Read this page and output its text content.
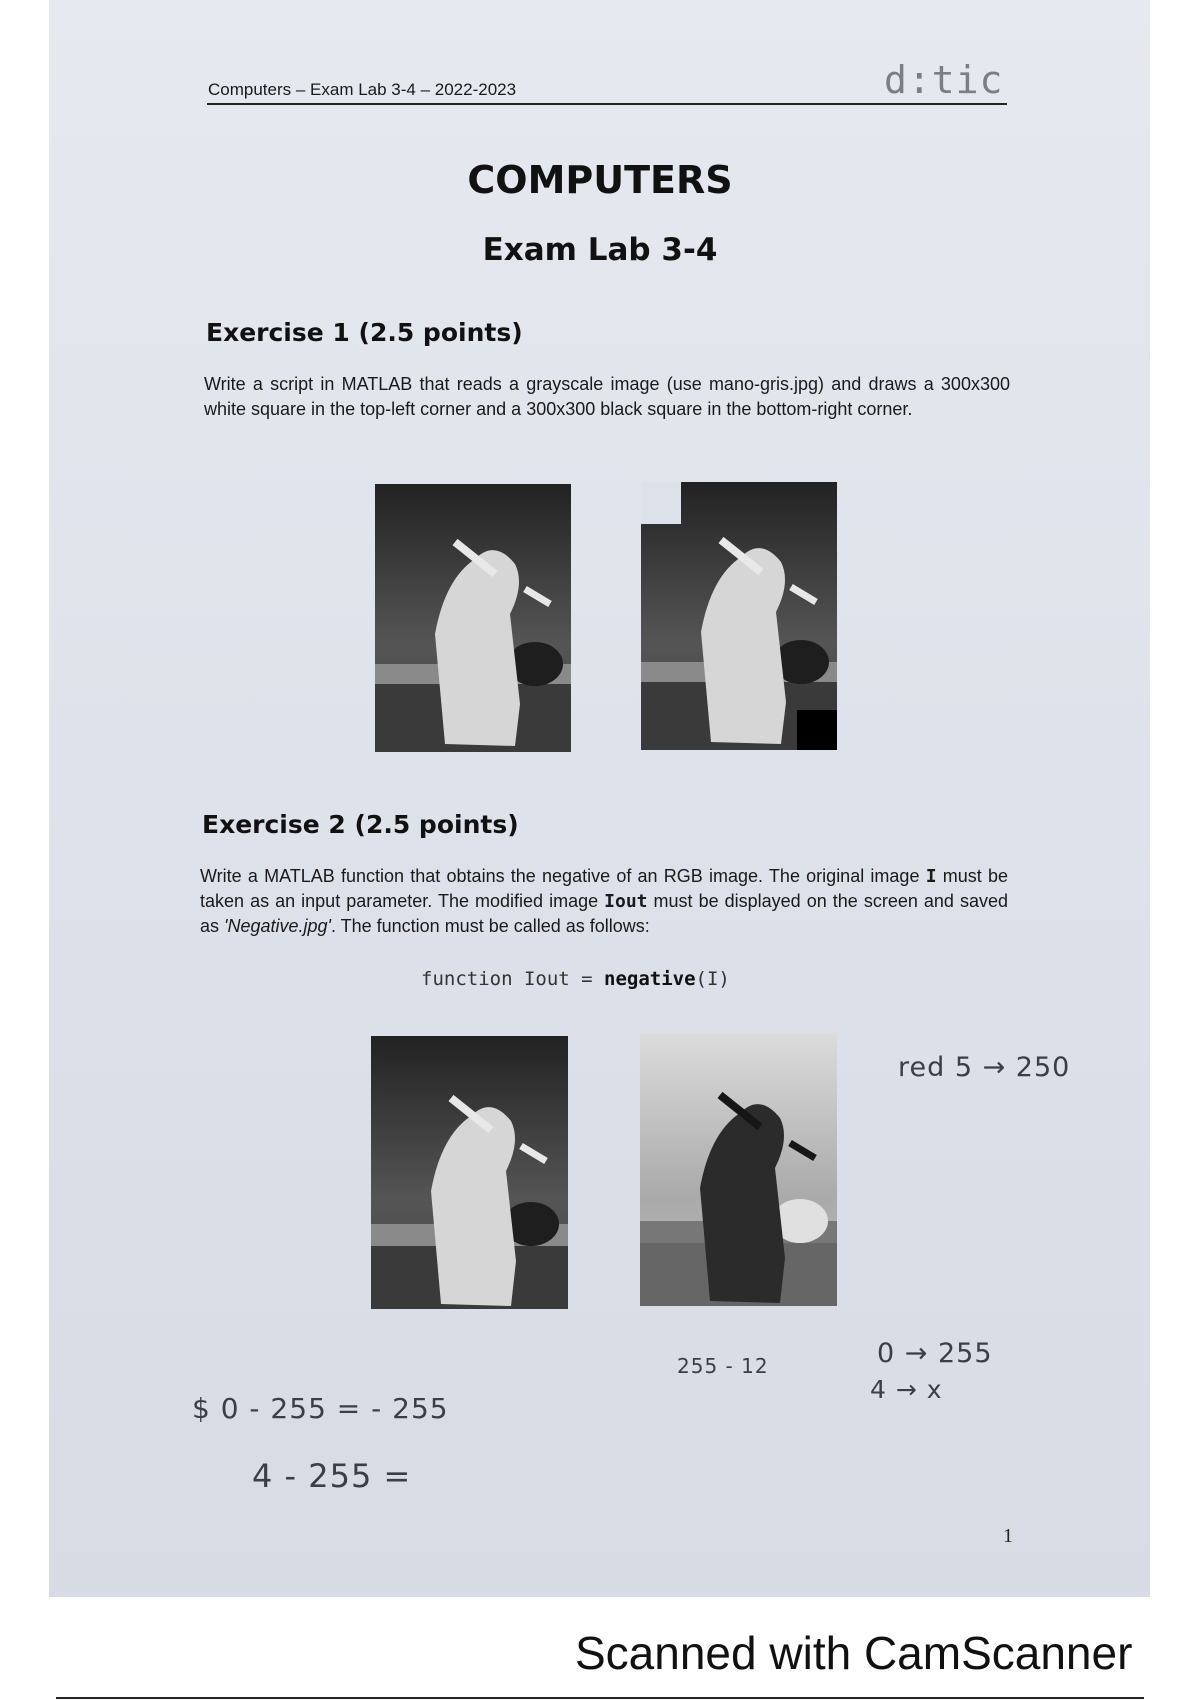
Computers – Exam Lab 3-4 – 2022-2023	d:tic
COMPUTERS
Exam Lab 3-4
Exercise 1 (2.5 points)
Write a script in MATLAB that reads a grayscale image (use mano-gris.jpg) and draws a 300x300 white square in the top-left corner and a 300x300 black square in the bottom-right corner.
Exercise 2 (2.5 points)
Write a MATLAB function that obtains the negative of an RGB image. The original image I must be taken as an input parameter. The modified image Iout must be displayed on the screen and saved as 'Negative.jpg'. The function must be called as follows:
function Iout = negative(I)
red 5 → 250
255 - 12	0 → 255
4 → x
$ 0 - 255 = - 255
4 - 255 =
1
Scanned with CamScanner
